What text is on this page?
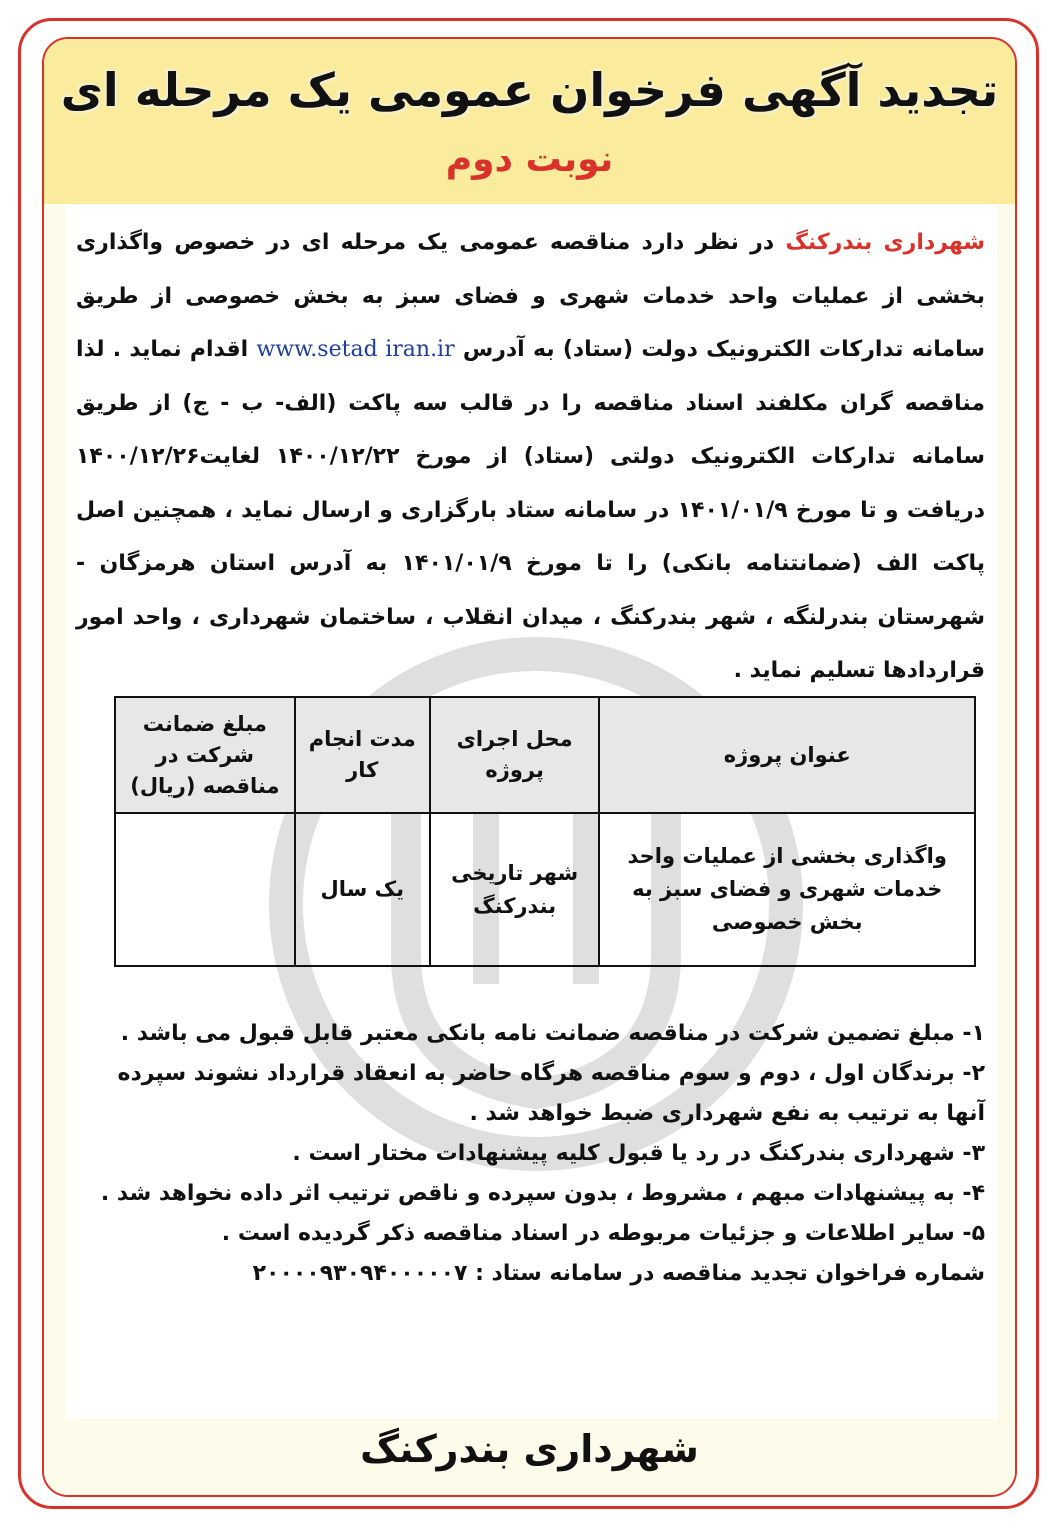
تجدید آگهی فرخوان عمومی یک مرحله ای
نوبت دوم
شهرداری بندرکنگ در نظر دارد مناقصه عمومی یک مرحله ای در خصوص واگذاری بخشی از عملیات واحد خدمات شهری و فضای سبز به بخش خصوصی از طریق سامانه تدارکات الکترونیک دولت (ستاد) به آدرس www.setad iran.ir اقدام نماید . لذا مناقصه گران مکلفند اسناد مناقصه را در قالب سه پاکت (الف- ب - ج) از طریق سامانه تدارکات الکترونیک دولتی (ستاد) از مورخ ۱۴۰۰/۱۲/۲۲ لغایت۱۴۰۰/۱۲/۲۶ دریافت و تا مورخ ۱۴۰۱/۰۱/۹ در سامانه ستاد بارگزاری و ارسال نماید ، همچنین اصل پاکت الف (ضمانتنامه بانکی) را تا مورخ ۱۴۰۱/۰۱/۹ به آدرس استان هرمزگان - شهرستان بندرلنگه ، شهر بندرکنگ ، میدان انقلاب ، ساختمان شهرداری ، واحد امور قراردادها تسلیم نماید .
عنوان پروژه	محل اجرای پروژه	مدت انجام کار	مبلغ ضمانت شرکت در مناقصه (ریال)
واگذاری بخشی از عملیات واحد خدمات شهری و فضای سبز به بخش خصوصی	شهر تاریخی بندرکنگ	یک سال	
۱- مبلغ تضمین شرکت در مناقصه ضمانت نامه بانکی معتبر قابل قبول می باشد .
۲- برندگان اول ، دوم و سوم مناقصه هرگاه حاضر به انعقاد قرارداد نشوند سپرده آنها به ترتیب به نفع شهرداری ضبط خواهد شد .
۳- شهرداری بندرکنگ در رد یا قبول کلیه پیشنهادات مختار است .
۴- به پیشنهادات مبهم ، مشروط ، بدون سپرده و ناقص ترتیب اثر داده نخواهد شد .
۵- سایر اطلاعات و جزئیات مربوطه در اسناد مناقصه ذکر گردیده است .
شماره فراخوان تجدید مناقصه در سامانه ستاد : ۲۰۰۰۰۹۳۰۹۴۰۰۰۰۰۷
شهرداری بندرکنگ
